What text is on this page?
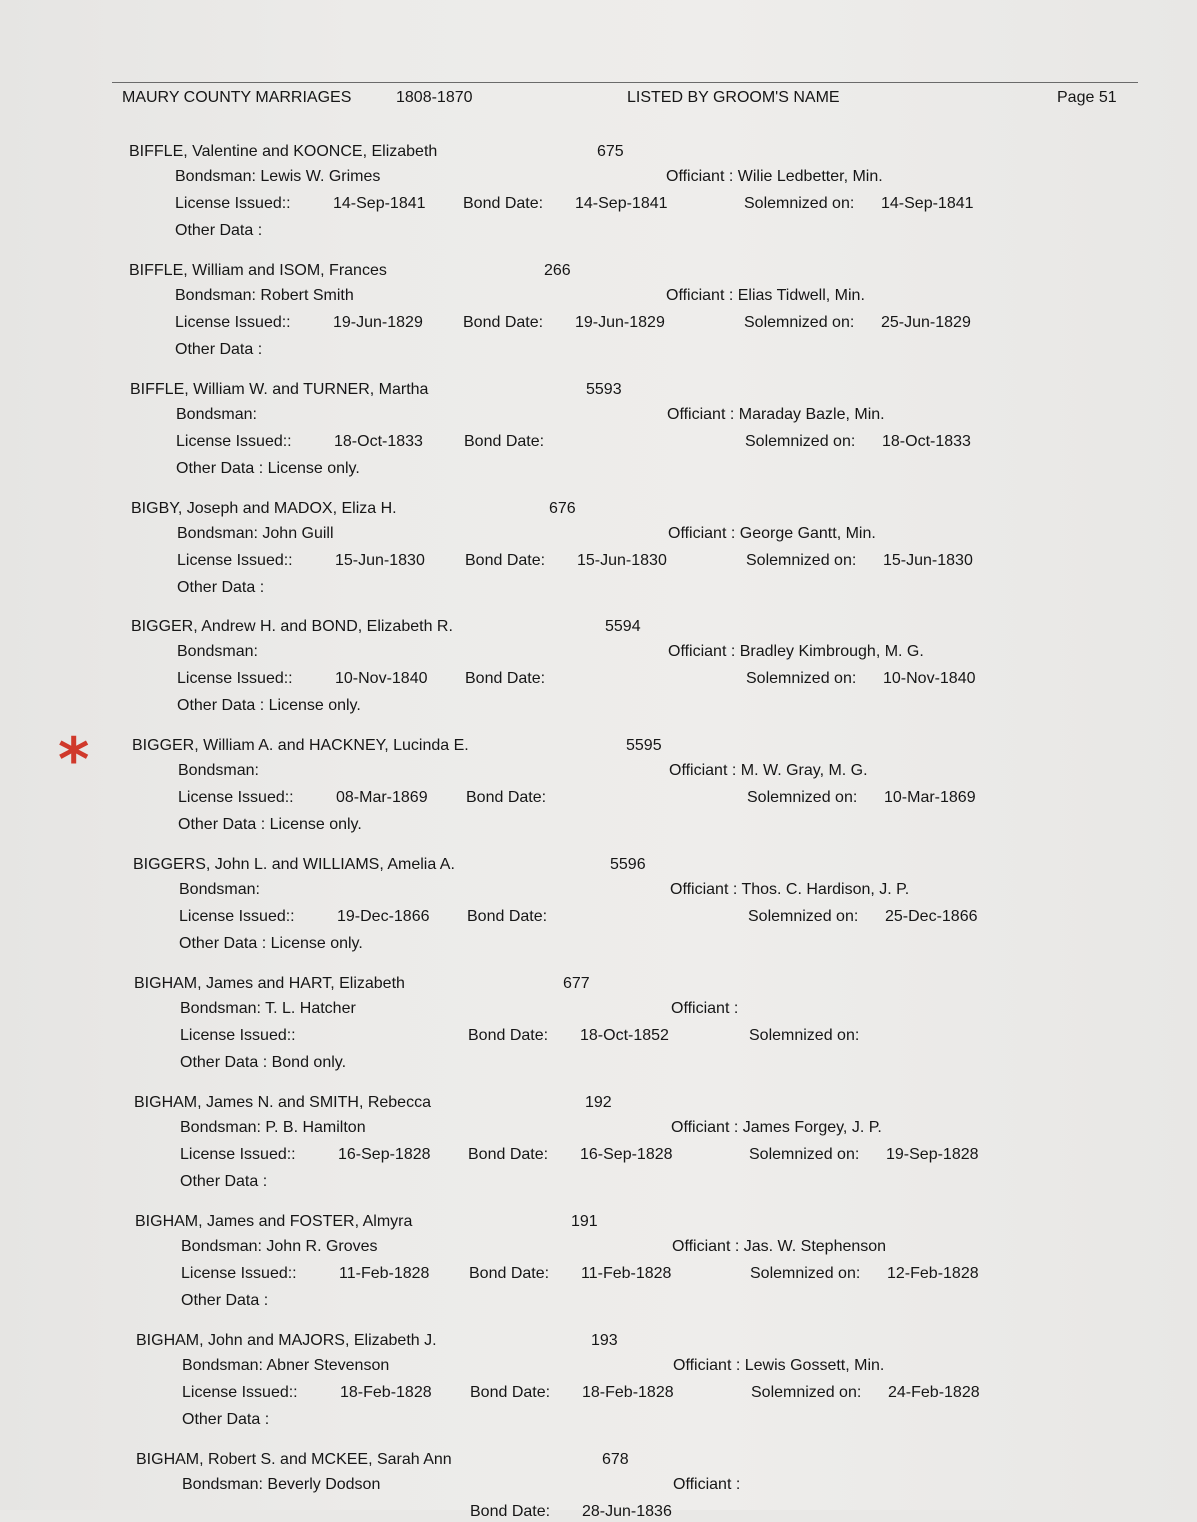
MAURY COUNTY MARRIAGES	1808-1870	LISTED BY GROOM'S NAME	Page 51
*
BIFFLE, Valentine and KOONCE, Elizabeth	675
Bondsman: Lewis W. Grimes	Officiant : Wilie Ledbetter, Min.
License Issued::	14-Sep-1841 Bond Date: 14-Sep-1841	Solemnized on: 14-Sep-1841
Other Data :
BIFFLE, William and ISOM, Frances	266
Bondsman: Robert Smith	Officiant : Elias Tidwell, Min.
License Issued::	19-Jun-1829	Bond Date: 19-Jun-1829	Solemnized on: 25-Jun-1829
Other Data :
BIFFLE, William W. and TURNER, Martha	5593
Bondsman:	Officiant : Maraday Bazle, Min.
License Issued::	18-Oct-1833	Bond Date:	Solemnized on: 18-Oct-1833
Other Data : License only.
BIGBY, Joseph and MADOX, Eliza H.	676
Bondsman: John Guill	Officiant : George Gantt, Min.
License Issued::	15-Jun-1830	Bond Date: 15-Jun-1830	Solemnized on: 15-Jun-1830
Other Data :
BIGGER, Andrew H. and BOND, Elizabeth R.	5594
Bondsman:	Officiant : Bradley Kimbrough, M. G.
License Issued::	10-Nov-1840 Bond Date:	Solemnized on: 10-Nov-1840
Other Data : License only.
BIGGER, William A. and HACKNEY, Lucinda E.	5595
Bondsman:	Officiant : M. W. Gray, M. G.
License Issued::	08-Mar-1869 Bond Date:	Solemnized on: 10-Mar-1869
Other Data : License only.
BIGGERS, John L. and WILLIAMS, Amelia A.	5596
Bondsman:	Officiant : Thos. C. Hardison, J. P.
License Issued::	19-Dec-1866 Bond Date:	Solemnized on: 25-Dec-1866
Other Data : License only.
BIGHAM, James and HART, Elizabeth	677
Bondsman: T. L. Hatcher	Officiant :
License Issued::	Bond Date: 18-Oct-1852	Solemnized on:
Other Data : Bond only.
BIGHAM, James N. and SMITH, Rebecca	192
Bondsman: P. B. Hamilton	Officiant : James Forgey, J. P.
License Issued::	16-Sep-1828 Bond Date: 16-Sep-1828	Solemnized on: 19-Sep-1828
Other Data :
BIGHAM, James and FOSTER, Almyra	191
Bondsman: John R. Groves	Officiant : Jas. W. Stephenson
License Issued::	11-Feb-1828 Bond Date: 11-Feb-1828	Solemnized on: 12-Feb-1828
Other Data :
BIGHAM, John and MAJORS, Elizabeth J.	193
Bondsman: Abner Stevenson	Officiant : Lewis Gossett, Min.
License Issued::	18-Feb-1828 Bond Date: 18-Feb-1828	Solemnized on: 24-Feb-1828
Other Data :
BIGHAM, Robert S. and MCKEE, Sarah Ann	678
Bondsman: Beverly Dodson	Officiant :
Bond Date: 28-Jun-1836
